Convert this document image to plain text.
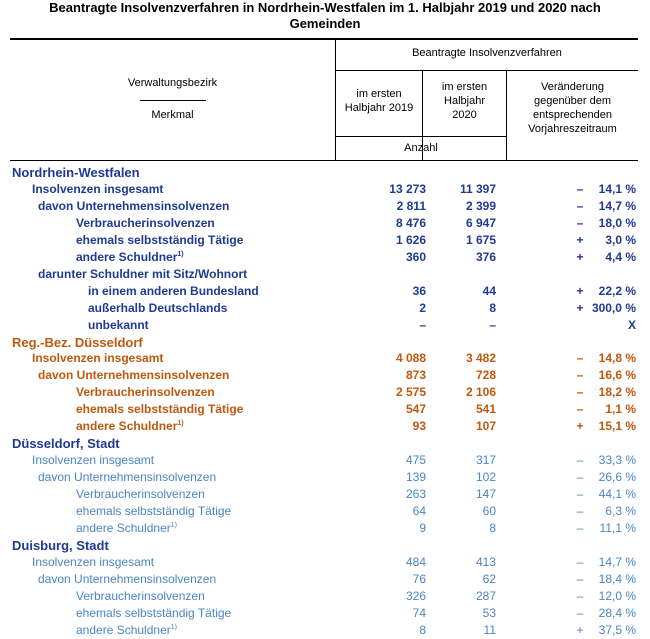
Beantragte Insolvenzverfahren in Nordrhein-Westfalen im 1. Halbjahr 2019 und 2020 nach
Gemeinden
Beantragte Insolvenzverfahren
Verwaltungsbezirk
Merkmal
im ersten
Halbjahr 2019
im ersten
Halbjahr
2020
Veränderung
gegenüber dem
entsprechenden
Vorjahreszeitraum
Anzahl
Nordrhein-Westfalen
Insolvenzen insgesamt	13 273	11 397	– 14,1 %
davon Unternehmensinsolvenzen	2 811	2 399	– 14,7 %
Verbraucherinsolvenzen	8 476	6 947	– 18,0 %
ehemals selbstständig Tätige	1 626	1 675	+ 3,0 %
andere Schuldner$^{1)}$	360	376	+ 4,4 %
darunter Schuldner mit Sitz/Wohnort
in einem anderen Bundesland	36	44	+ 22,2 %
außerhalb Deutschlands	2	8	+ 300,0 %
unbekannt	–	–	X
Reg.-Bez. Düsseldorf
Insolvenzen insgesamt	4 088	3 482	– 14,8 %
davon Unternehmensinsolvenzen	873	728	– 16,6 %
Verbraucherinsolvenzen	2 575	2 106	– 18,2 %
ehemals selbstständig Tätige	547	541	– 1,1 %
andere Schuldner$^{1)}$	93	107	+ 15,1 %
Düsseldorf, Stadt
Insolvenzen insgesamt	475	317	– 33,3 %
davon Unternehmensinsolvenzen	139	102	– 26,6 %
Verbraucherinsolvenzen	263	147	– 44,1 %
ehemals selbstständig Tätige	64	60	– 6,3 %
andere Schuldner$^{1)}$	9	8	– 11,1 %
Duisburg, Stadt
Insolvenzen insgesamt	484	413	– 14,7 %
davon Unternehmensinsolvenzen	76	62	– 18,4 %
Verbraucherinsolvenzen	326	287	– 12,0 %
ehemals selbstständig Tätige	74	53	– 28,4 %
andere Schuldner$^{1)}$	8	11	+ 37,5 %
